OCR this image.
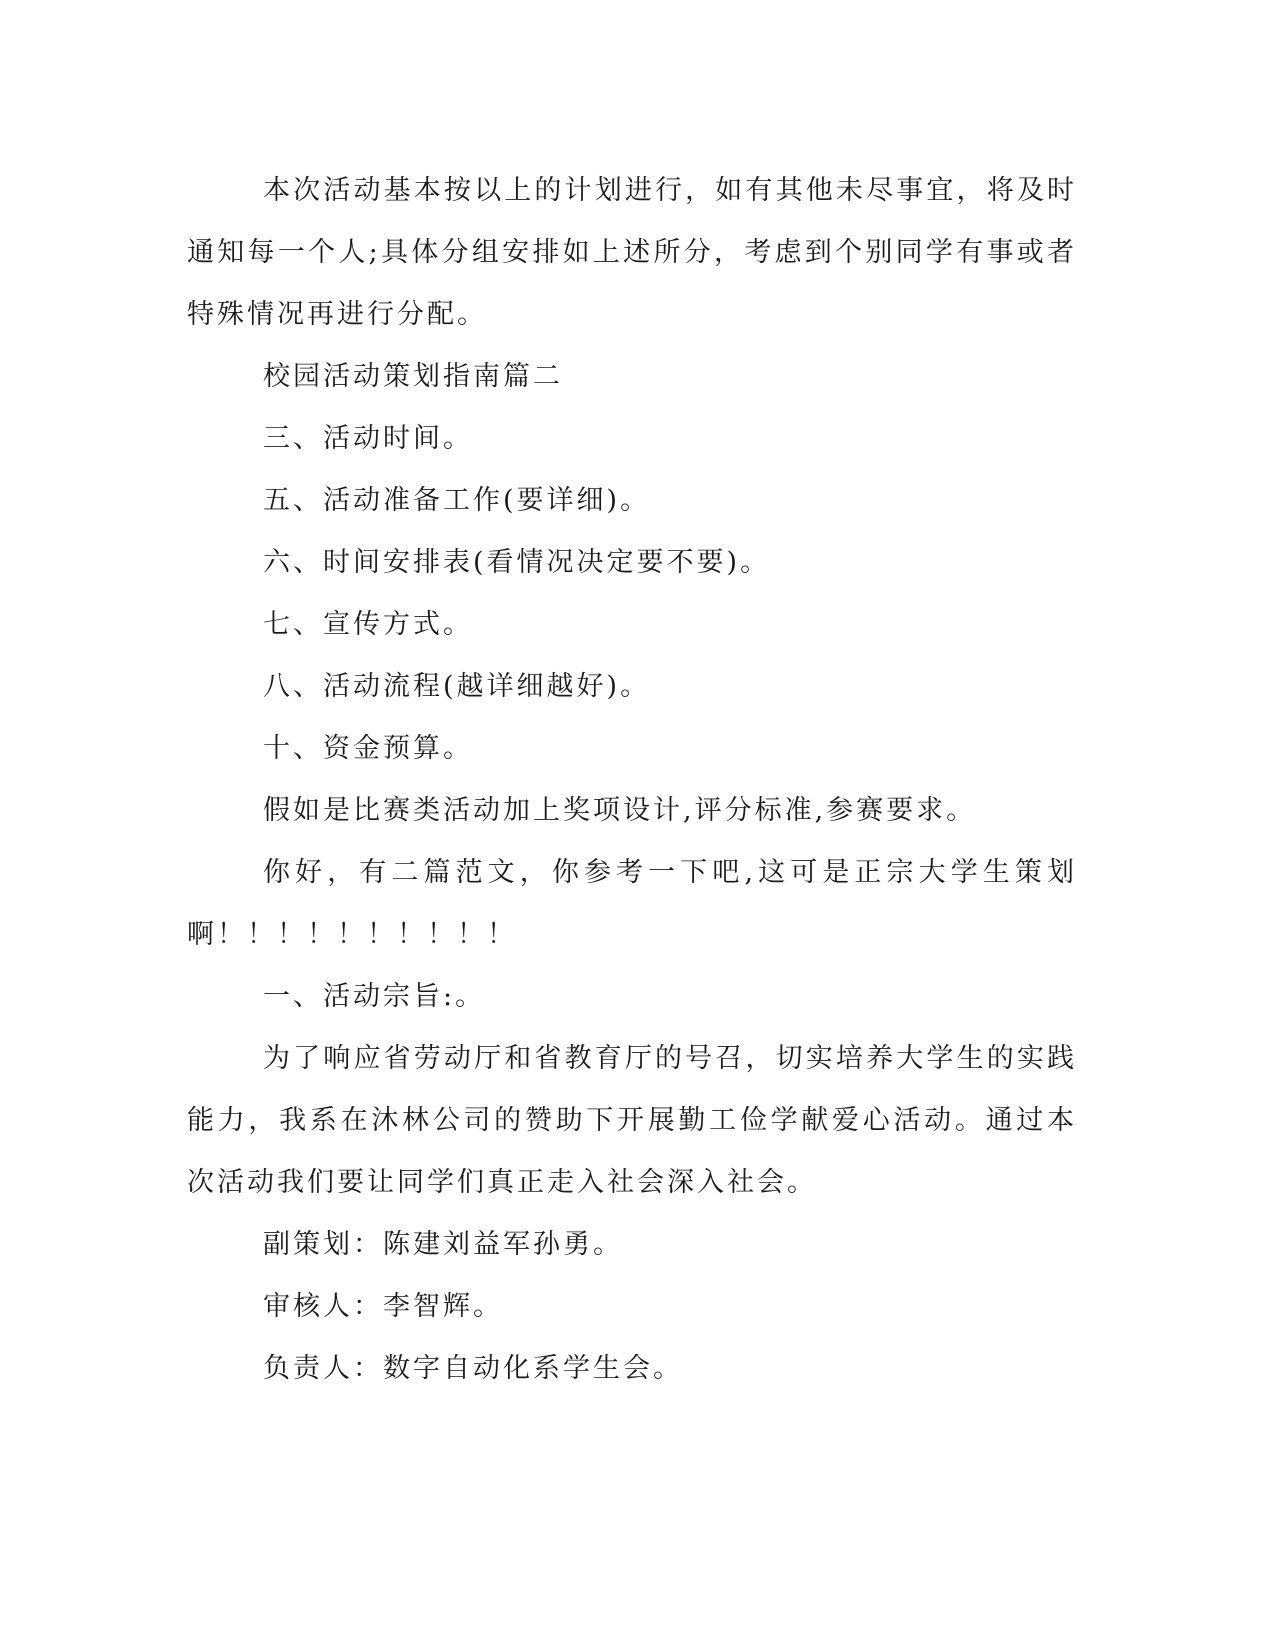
本次活动基本按以上的计划进行，如有其他未尽事宜，将及时通知每一个人;具体分组安排如上述所分，考虑到个别同学有事或者特殊情况再进行分配。

校园活动策划指南篇二

三、活动时间。

五、活动准备工作(要详细)。

六、时间安排表(看情况决定要不要)。

七、宣传方式。

八、活动流程(越详细越好)。

十、资金预算。

假如是比赛类活动加上奖项设计,评分标准,参赛要求。

你好，有二篇范文，你参考一下吧,这可是正宗大学生策划啊！！！！！！！！！！

一、活动宗旨:。

为了响应省劳动厅和省教育厅的号召，切实培养大学生的实践能力，我系在沐林公司的赞助下开展勤工俭学献爱心活动。通过本次活动我们要让同学们真正走入社会深入社会。

副策划：陈建刘益军孙勇。

审核人：李智辉。

负责人：数字自动化系学生会。
